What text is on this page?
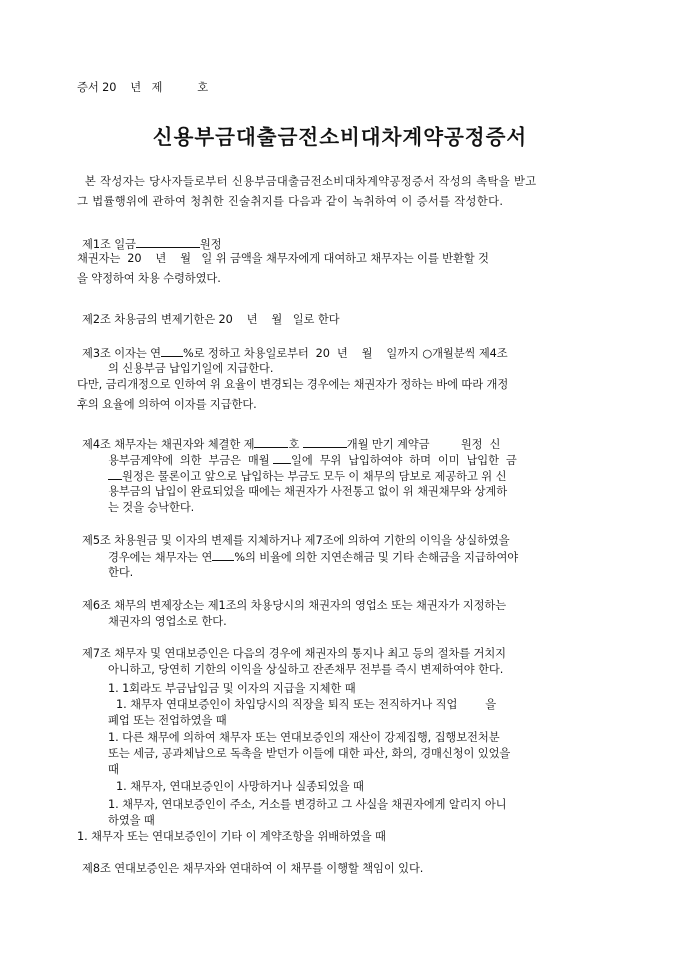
증서 20    년   제          호
신용부금대출금전소비대차계약공정증서
본 작성자는 당사자들로부터 신용부금대출금전소비대차계약공정증서 작성의 촉탁을 받고
그 법률행위에 관하여 청취한 진술취지를 다음과 같이 녹취하여 이 증서를 작성한다.
제1조 일금	원정
채권자는  20    년    월   일 위 금액을 채무자에게 대여하고 채무자는 이를 반환할 것
을 약정하여 차용 수령하였다.
제2조 차용금의 변제기한은 20    년    월   일로 한다
제3조 이자는 연 %로 정하고 차용일로부터  20  년    월    일까지 ○개월분씩 제4조
의 신용부금 납입기일에 지급한다.
다만, 금리개정으로 인하여 위 요율이 변경되는 경우에는 채권자가 정하는 바에 따라 개정
후의 요율에 의하여 이자를 지급한다.
제4조 채무자는 채권자와 체결한 제	호	개월 만기 계약금         원정  신
용부금계약에  의한  부금은  매월 일에  무위  납입하여야  하며  이미  납입한  금
원정은 물론이고 앞으로 납입하는 부금도 모두 이 채무의 담보로 제공하고 위 신
용부금의 납입이 완료되었을 때에는 채권자가 사전통고 없이 위 채권채무와 상계하
는 것을 승낙한다.
제5조 차용원금 및 이자의 변제를 지체하거나 제7조에 의하여 기한의 이익을 상실하였을
경우에는 채무자는 연 %의 비율에 의한 지연손해금 및 기타 손해금을 지급하여야
한다.
제6조 채무의 변제장소는 제1조의 차용당시의 채권자의 영업소 또는 채권자가 지정하는
채권자의 영업소로 한다.
제7조 채무자 및 연대보증인은 다음의 경우에 채권자의 통지나 최고 등의 절차를 거치지
아니하고, 당연히 기한의 이익을 상실하고 잔존채무 전부를 즉시 변제하여야 한다.
1. 1회라도 부금납입금 및 이자의 지급을 지체한 때
1. 채무자 연대보증인이 차입당시의 직장을 퇴직 또는 전직하거나 직업        을
폐업 또는 전업하였을 때
1. 다른 채무에 의하여 채무자 또는 연대보증인의 재산이 강제집행, 집행보전처분
또는 세금, 공과체납으로 독촉을 받던가 이들에 대한 파산, 화의, 경매신청이 있었을
때
1. 채무자, 연대보증인이 사망하거나 실종되었을 때
1. 채무자, 연대보증인이 주소, 거소를 변경하고 그 사실을 채권자에게 알리지 아니
하였을 때
1. 채무자 또는 연대보증인이 기타 이 계약조항을 위배하였을 때
제8조 연대보증인은 채무자와 연대하여 이 채무를 이행할 책임이 있다.
